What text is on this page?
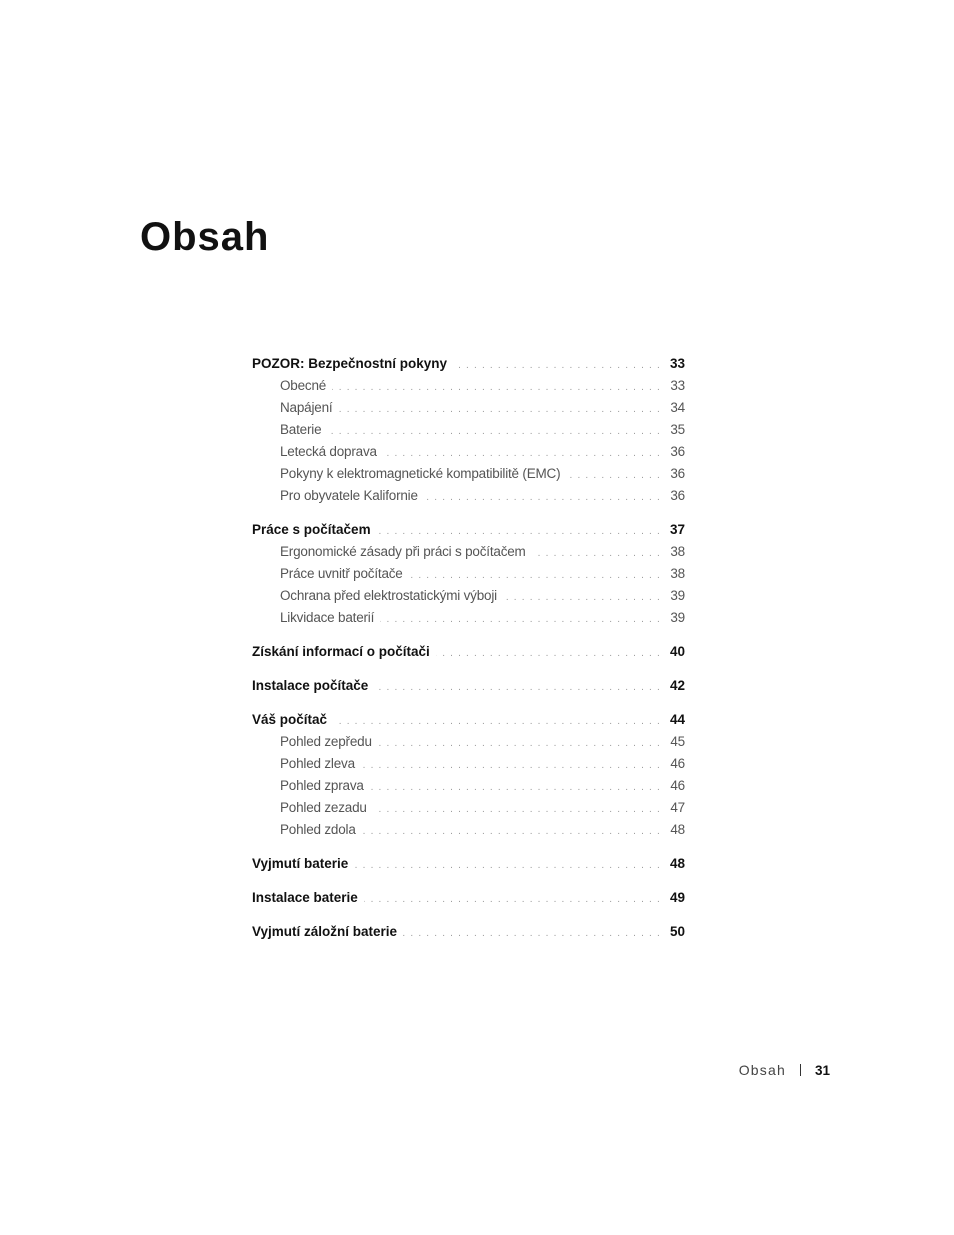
Obsah
POZOR: Bezpečnostní pokyny . . .	33
Obecné . . .	33
Napájení . . .	34
Baterie . . .	35
Letecká doprava . . .	36
Pokyny k elektromagnetické kompatibilitě (EMC) . . .	36
Pro obyvatele Kalifornie . . .	36
Práce s počítačem . . .	37
Ergonomické zásady při práci s počítačem . . .	38
Práce uvnitř počítače . . .	38
Ochrana před elektrostatickými výboji . . .	39
Likvidace baterií . . .	39
Získání informací o počítači . . .	40
Instalace počítače . . .	42
Váš počítač . . .	44
Pohled zepředu . . .	45
Pohled zleva . . .	46
Pohled zprava . . .	46
Pohled zezadu . . .	47
Pohled zdola . . .	48
Vyjmutí baterie . . .	48
Instalace baterie . . .	49
Vyjmutí záložní baterie . . .	50
Obsah 31
